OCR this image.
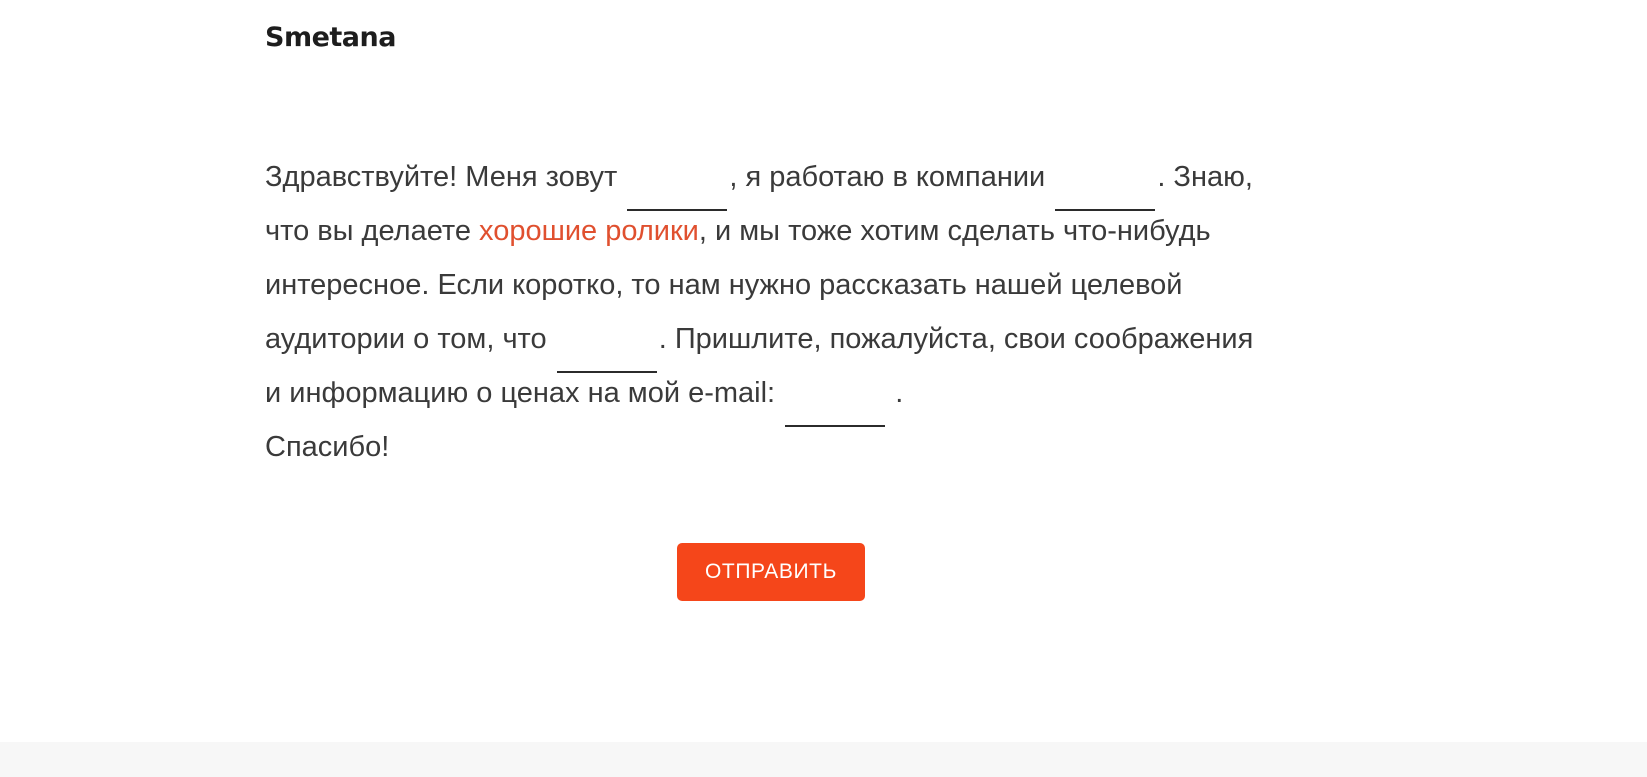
Smetana
Здравствуйте! Меня зовут	, я работаю в компании	. Знаю,
что вы делаете хорошие ролики, и мы тоже хотим сделать что-нибудь
интересное. Если коротко, то нам нужно рассказать нашей целевой
аудитории о том, что	. Пришлите, пожалуйста, свои соображения
и информацию о ценах на мой e-mail:	.
Спасибо!
ОТПРАВИТЬ
